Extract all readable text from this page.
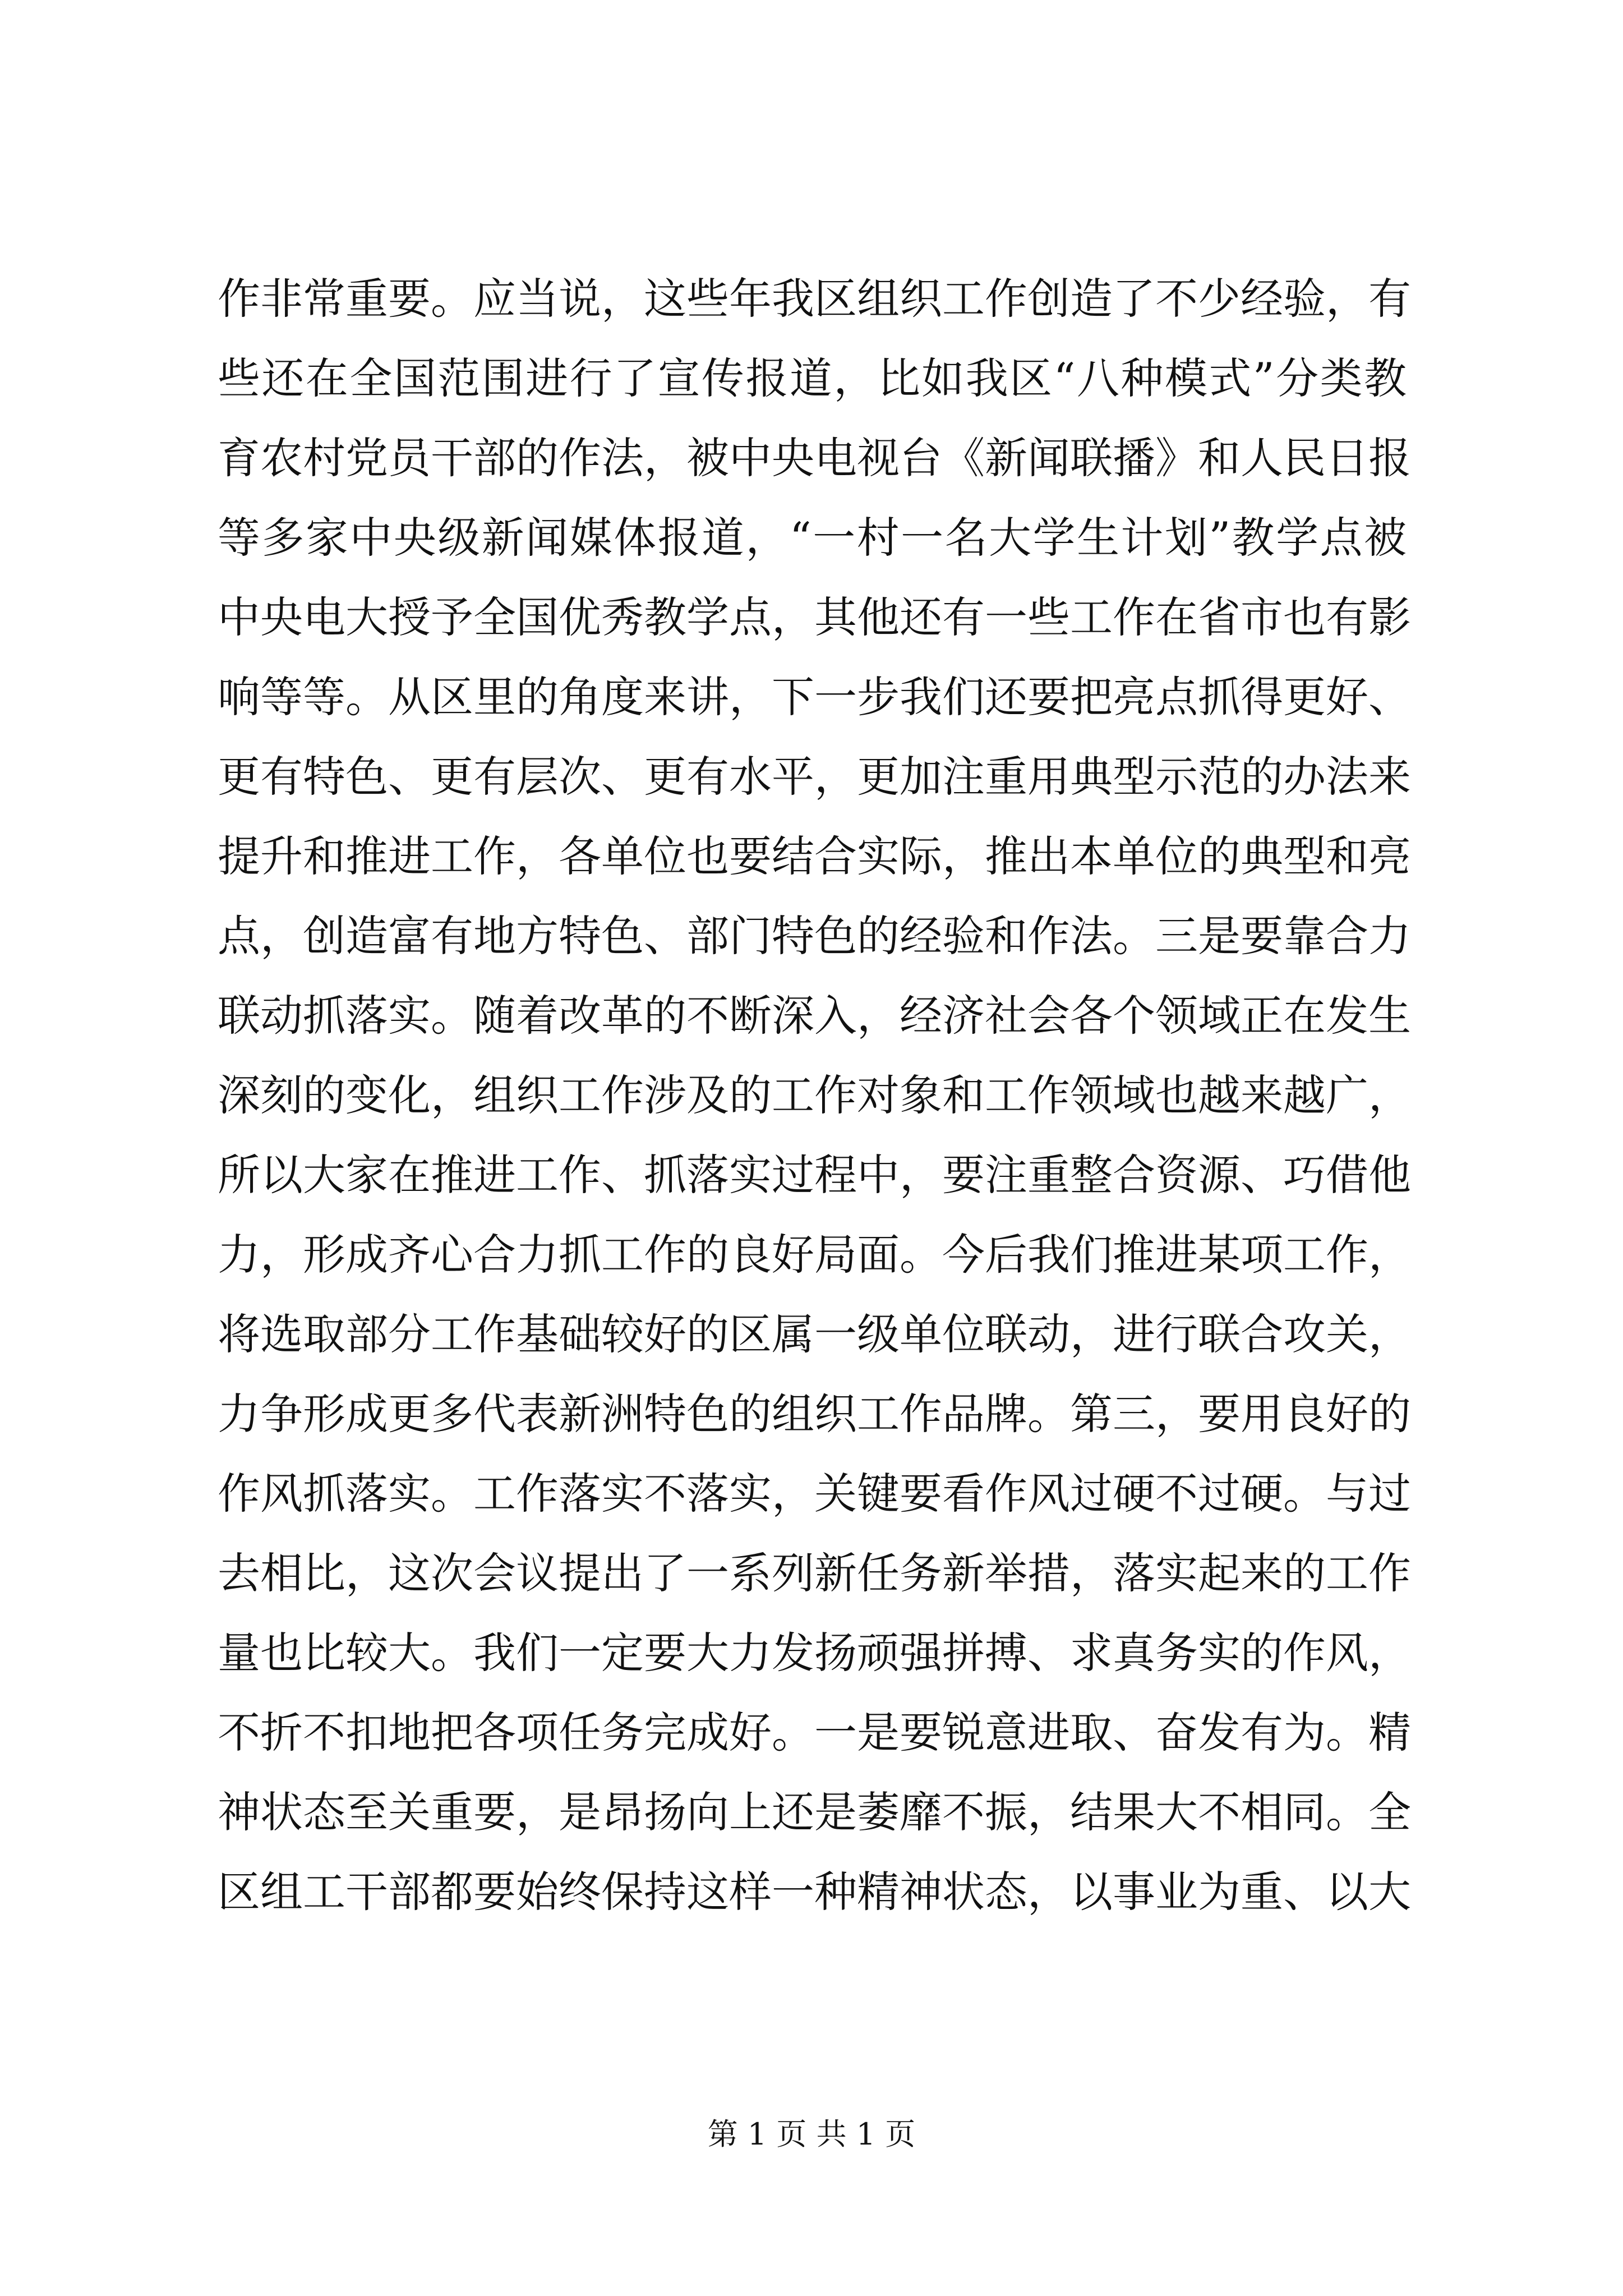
作非常重要。应当说，这些年我区组织工作创造了不少经验，有
些还在全国范围进行了宣传报道，比如我区“八种模式”分类教
育农村党员干部的作法，被中央电视台《新闻联播》和人民日报
等多家中央级新闻媒体报道，“一村一名大学生计划”教学点被
中央电大授予全国优秀教学点，其他还有一些工作在省市也有影
响等等。从区里的角度来讲，下一步我们还要把亮点抓得更好、
更有特色、更有层次、更有水平，更加注重用典型示范的办法来
提升和推进工作，各单位也要结合实际，推出本单位的典型和亮
点，创造富有地方特色、部门特色的经验和作法。三是要靠合力
联动抓落实。随着改革的不断深入，经济社会各个领域正在发生
深刻的变化，组织工作涉及的工作对象和工作领域也越来越广，
所以大家在推进工作、抓落实过程中，要注重整合资源、巧借他
力，形成齐心合力抓工作的良好局面。今后我们推进某项工作，
将选取部分工作基础较好的区属一级单位联动，进行联合攻关，
力争形成更多代表新洲特色的组织工作品牌。第三，要用良好的
作风抓落实。工作落实不落实，关键要看作风过硬不过硬。与过
去相比，这次会议提出了一系列新任务新举措，落实起来的工作
量也比较大。我们一定要大力发扬顽强拼搏、求真务实的作风，
不折不扣地把各项任务完成好。一是要锐意进取、奋发有为。精
神状态至关重要，是昂扬向上还是萎靡不振，结果大不相同。全
区组工干部都要始终保持这样一种精神状态，以事业为重、以大
第 1 页 共 1 页
